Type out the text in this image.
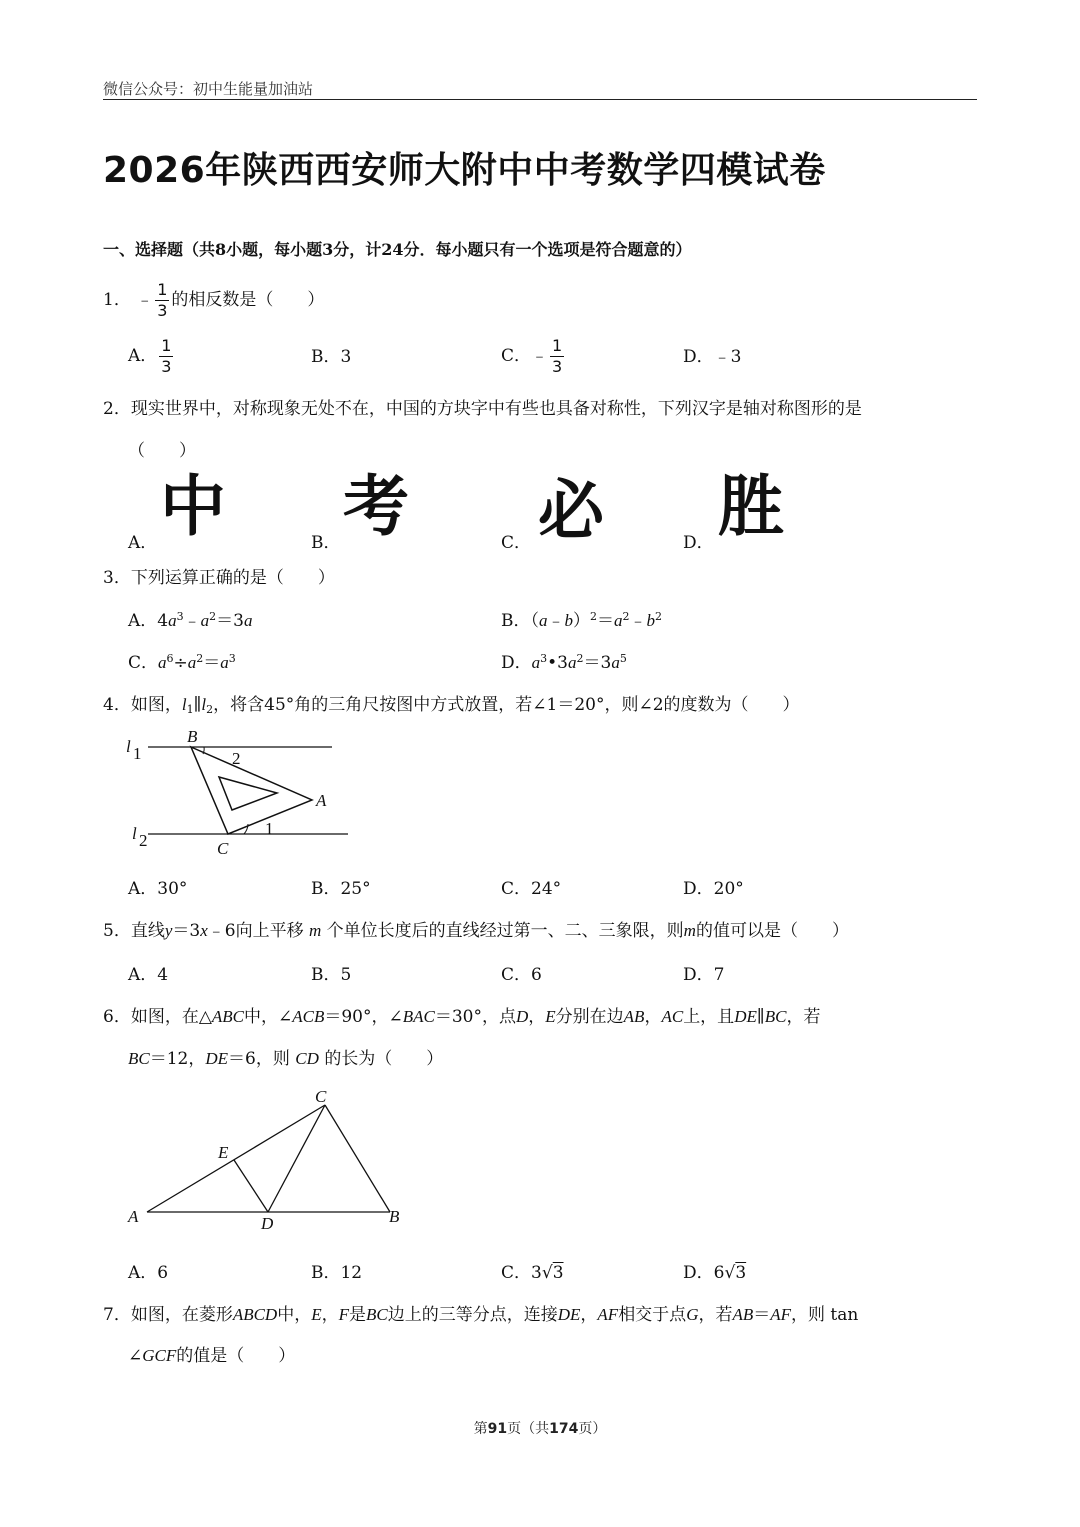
微信公众号：初中生能量加油站
2026年陕西西安师大附中中考数学四模试卷
一、选择题（共8小题，每小题3分，计24分．每小题只有一个选项是符合题意的）
1． ﹣ $\frac{1}{3}$ 的相反数是（　　）
A． $\frac{1}{3}$	B．3	C．﹣ $\frac{1}{3}$	D．﹣3
2．现实世界中，对称现象无处不在，中国的方块字中有些也具备对称性，下列汉字是轴对称图形的是
（　　）
A． 中	B． 考	C． 必	D． 胜
3．下列运算正确的是（　　）
A．$4a^3﹣a^2=3a$	B．$(a﹣b)^2=a^2﹣b^2$
C．$a^6\div a^2=a^3$	D．$a^3•3a^2=3a^5$
4．如图，$l_1\parallel l_2$，将含45°角的三角尺按图中方式放置，若∠1＝20°，则∠2的度数为（　　）
l 1
l 2
B
A
C
2
1
A．30°	B．25°	C．24°	D．20°
5．直线y＝3x﹣6向上平移 m 个单位长度后的直线经过第一、二、三象限，则m的值可以是（　　）
A．4	B．5	C．6	D．7
6．如图，在△ABC中，∠ACB＝90°，∠BAC＝30°，点D，E分别在边AB，AC上，且DE∥BC，若
BC＝12，DE＝6，则 CD 的长为（　　）
C
E
A	D	B
A．6	B．12	C．3√3	D．6√3
7．如图，在菱形ABCD中，E，F是BC边上的三等分点，连接DE，AF相交于点G，若AB＝AF，则 tan
∠GCF的值是（　　）
第91页（共174页）
